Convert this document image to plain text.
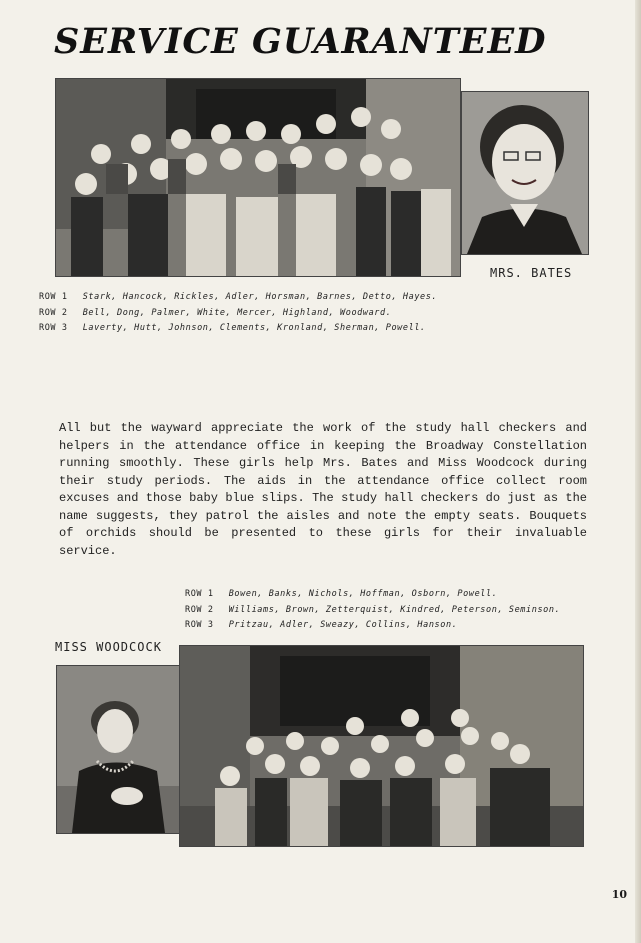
SERVICE GUARANTEED
MRS. BATES
ROW 1 Stark, Hancock, Rickles, Adler, Horsman, Barnes, Detto, Hayes.
ROW 2 Bell, Dong, Palmer, White, Mercer, Highland, Woodward.
ROW 3 Laverty, Hutt, Johnson, Clements, Kronland, Sherman, Powell.
All but the wayward appreciate the work of the study hall checkers and helpers in the attendance office in keeping the Broadway Constellation running smoothly. These girls help Mrs. Bates and Miss Woodcock during their study periods. The aids in the attendance office collect room excuses and those baby blue slips. The study hall checkers do just as the name suggests, they patrol the aisles and note the empty seats. Bouquets of orchids should be presented to these girls for their invaluable service.
ROW 1 Bowen, Banks, Nichols, Hoffman, Osborn, Powell.
ROW 2 Williams, Brown, Zetterquist, Kindred, Peterson, Seminson.
ROW 3 Pritzau, Adler, Sweazy, Collins, Hanson.
MISS WOODCOCK
10
